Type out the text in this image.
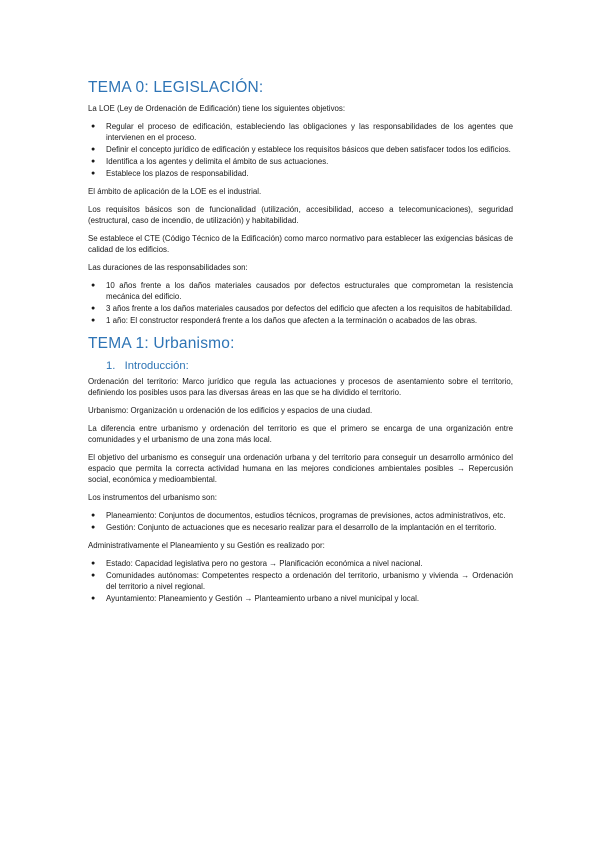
TEMA 0: LEGISLACIÓN:

La LOE (Ley de Ordenación de Edificación) tiene los siguientes objetivos:

● Regular el proceso de edificación, estableciendo las obligaciones y las responsabilidades de los agentes que intervienen en el proceso.
● Definir el concepto jurídico de edificación y establece los requisitos básicos que deben satisfacer todos los edificios.
● Identifica a los agentes y delimita el ámbito de sus actuaciones.
● Establece los plazos de responsabilidad.

El ámbito de aplicación de la LOE es el industrial.

Los requisitos básicos son de funcionalidad (utilización, accesibilidad, acceso a telecomunicaciones), seguridad (estructural, caso de incendio, de utilización) y habitabilidad.

Se establece el CTE (Código Técnico de la Edificación) como marco normativo para establecer las exigencias básicas de calidad de los edificios.

Las duraciones de las responsabilidades son:

● 10 años frente a los daños materiales causados por defectos estructurales que comprometan la resistencia mecánica del edificio.
● 3 años frente a los daños materiales causados por defectos del edificio que afecten a los requisitos de habitabilidad.
● 1 año: El constructor responderá frente a los daños que afecten a la terminación o acabados de las obras.
TEMA 1: Urbanismo:
1.   Introducción:

Ordenación del territorio: Marco jurídico que regula las actuaciones y procesos de asentamiento sobre el territorio, definiendo los posibles usos para las diversas áreas en las que se ha dividido el territorio.

Urbanismo: Organización u ordenación de los edificios y espacios de una ciudad.

La diferencia entre urbanismo y ordenación del territorio es que el primero se encarga de una organización entre comunidades y el urbanismo de una zona más local.

El objetivo del urbanismo es conseguir una ordenación urbana y del territorio para conseguir un desarrollo armónico del espacio que permita la correcta actividad humana en las mejores condiciones ambientales posibles → Repercusión social, económica y medioambiental.

Los instrumentos del urbanismo son:

● Planeamiento: Conjuntos de documentos, estudios técnicos, programas de previsiones, actos administrativos, etc.
● Gestión: Conjunto de actuaciones que es necesario realizar para el desarrollo de la implantación en el territorio.

Administrativamente el Planeamiento y su Gestión es realizado por:

● Estado: Capacidad legislativa pero no gestora → Planificación económica a nivel nacional.
● Comunidades autónomas: Competentes respecto a ordenación del territorio, urbanismo y vivienda → Ordenación del territorio a nivel regional.
● Ayuntamiento: Planeamiento y Gestión → Planteamiento urbano a nivel municipal y local.
